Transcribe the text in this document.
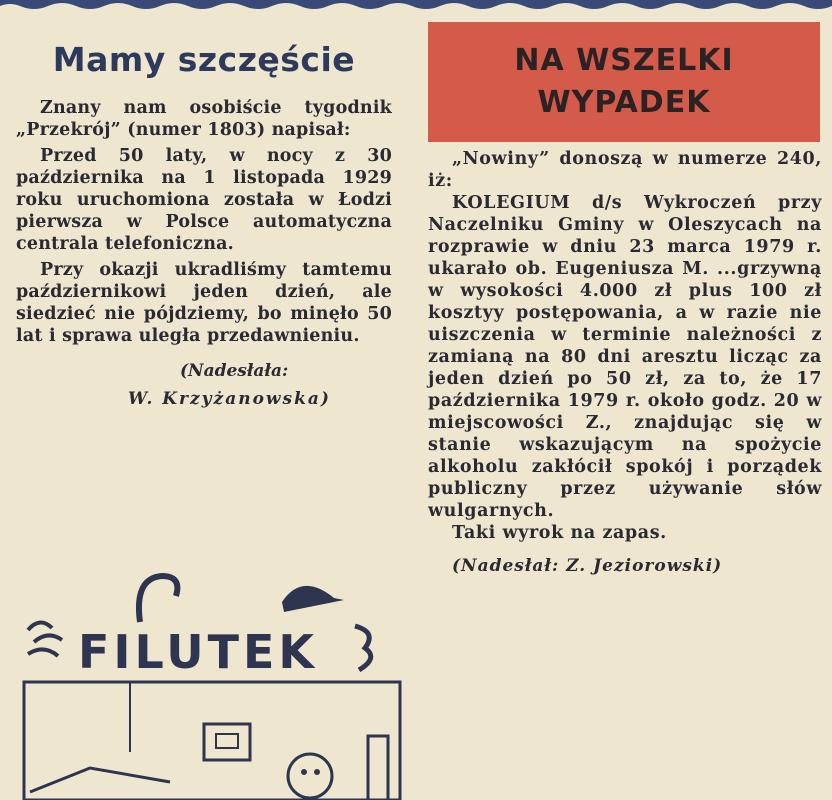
Mamy szczęście

Znany nam osobiście tygodnik „Przekrój” (numer 1803) napisał:

Przed 50 laty, w nocy z 30 października na 1 listopada 1929 roku uruchomiona została w Łodzi pierwsza w Polsce automatyczna centrala telefoniczna.

Przy okazji ukradliśmy tamtemu październikowi jeden dzień, ale siedzieć nie pójdziemy, bo minęło 50 lat i sprawa uległa przedawnieniu.

(Nadesłała:
W. Krzyżanowska)
NA WSZELKI WYPADEK

„Nowiny” donoszą w numerze 240, iż:

KOLEGIUM d/s Wykroczeń przy Naczelniku Gminy w Oleszycach na rozprawie w dniu 23 marca 1979 r. ukarało ob. Eugeniusza M. ...grzywną w wysokości 4.000 zł plus 100 zł kosztyy postępowania, a w razie nie uiszczenia w terminie należności z zamianą na 80 dni aresztu licząc za jeden dzień po 50 zł, za to, że 17 października 1979 r. około godz. 20 w miejscowości Z., znajdując się w stanie wskazującym na spożycie alkoholu zakłócił spokój i porządek publiczny przez używanie słów wulgarnych.

Taki wyrok na zapas.

(Nadesłał: Z. Jeziorowski)
FILUTEK
